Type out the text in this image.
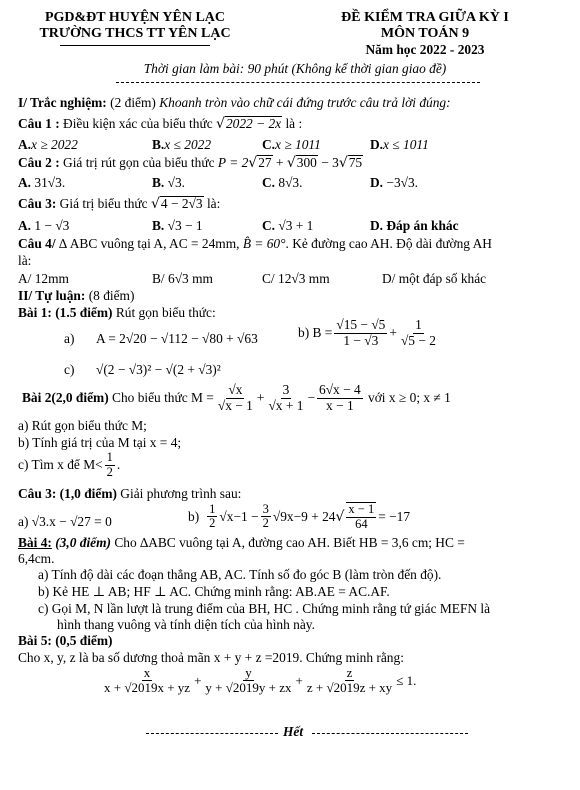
PGD&ĐT HUYỆN YÊN LẠC
TRƯỜNG THCS TT YÊN LẠC
ĐỀ KIỂM TRA GIỮA KỲ I
MÔN TOÁN 9
Năm học 2022 - 2023
Thời gian làm bài: 90 phút (Không kể thời gian giao đề)
I/ Trắc nghiệm: (2 điểm) Khoanh tròn vào chữ cái đứng trước câu trả lời đúng:
Câu 1 : Điều kiện xác của biểu thức √2022 − 2x là :
A.x ≥ 2022	B.x ≤ 2022	C.x ≥ 1011	D.x ≤ 1011
Câu 2 : Giá trị rút gọn của biểu thức P = 2√27 + √300 − 3√75
A. 31√3.	B. √3.	C. 8√3.	D. −3√3.
Câu 3: Giá trị biểu thức √4 − 2√3 là:
A. 1 − √3	B. √3 − 1	C. √3 + 1	D. Đáp án khác
Câu 4/ ∆ ABC vuông tại A, AC = 24mm, B̂ = 60°. Kẻ đường cao AH. Độ dài đường AH
là:
A/ 12mm	B/ 6√3 mm	C/ 12√3 mm	D/ một đáp số khác
II/ Tự luận: (8 điểm)
Bài 1: (1.5 điểm) Rút gọn biểu thức:
a) A = 2√20 − √112 − √80 + √63	b) $B = \frac{√15 - √5}{1 - √3} + \frac{1}{√5 - 2}$
c) √(2 − √3)² − √(2 + √3)²
Bài 2(2,0 điểm) Cho biểu thức $M = \frac{√x}{√x - 1} + \frac{3}{√x + 1} - \frac{6√x - 4}{x - 1}$ với x ≥ 0; x ≠ 1
a) Rút gọn biểu thức M;
b) Tính giá trị của M tại x = 4;
c) Tìm x để $M< \frac{1}{2}$ .
Câu 3: (1,0 điểm) Giải phương trình sau:
a) √3.x − √27 = 0	$b) \frac{1}{2} √x-1 - \frac{3}{2} √9x-9 + 24$ √ $\frac{x - 1}{64} = -17$
Bài 4: (3,0 điểm) Cho ∆ABC vuông tại A, đường cao AH. Biết HB = 3,6 cm; HC =
6,4cm.
a) Tính độ dài các đoạn thẳng AB, AC. Tính số đo góc B (làm tròn đến độ).
b) Kẻ HE ⊥ AB; HF ⊥ AC. Chứng minh rằng: AB.AE = AC.AF.
c) Gọi M, N lần lượt là trung điểm của BH, HC . Chứng minh rằng tứ giác MEFN là
hình thang vuông và tính diện tích của hình này.
Bài 5: (0,5 điểm)
Cho x, y, z là ba số dương thoả mãn x + y + z =2019. Chứng minh rằng:
$\frac{x}{x + √2019x + yz} + \frac{y}{y + √2019y + zx} + \frac{z}{z + √2019z + xy} \le 1$.
Hết
